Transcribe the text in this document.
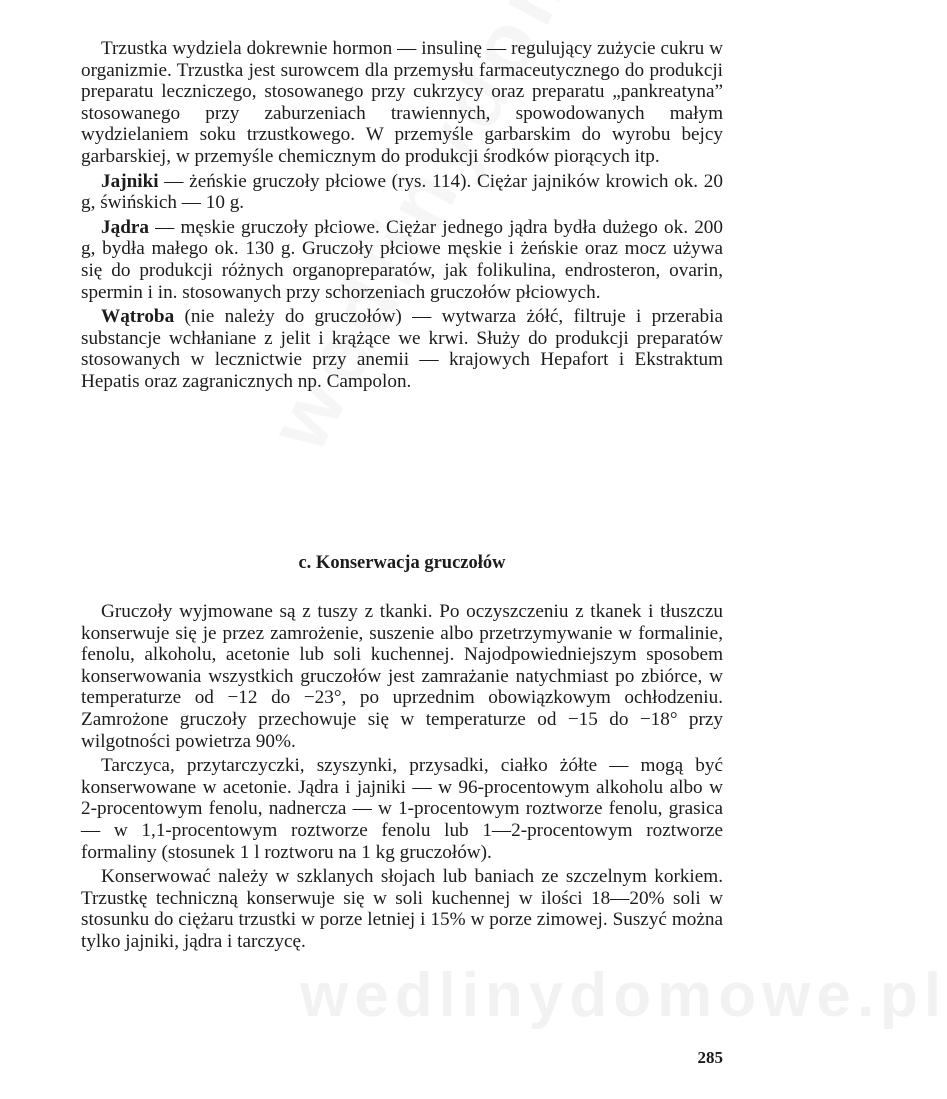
wedlinydomowe.pl

Trzustka wydziela dokrewnie hormon — insulinę — regulujący zużycie cukru w organizmie. Trzustka jest surowcem dla przemysłu farmaceutycznego do produkcji preparatu leczniczego, stosowanego przy cukrzycy oraz preparatu „pankreatyna” stosowanego przy zaburzeniach trawiennych, spowodowanych małym wydzielaniem soku trzustkowego. W przemyśle garbarskim do wyrobu bejcy garbarskiej, w przemyśle chemicznym do produkcji środków piorących itp.

Jajniki — żeńskie gruczoły płciowe (rys. 114). Ciężar jajników krowich ok. 20 g, świńskich — 10 g.

Jądra — męskie gruczoły płciowe. Ciężar jednego jądra bydła dużego ok. 200 g, bydła małego ok. 130 g. Gruczoły płciowe męskie i żeńskie oraz mocz używa się do produkcji różnych organopreparatów, jak folikulina, endrosteron, ovarin, spermin i in. stosowanych przy schorzeniach gruczołów płciowych.

Wątroba (nie należy do gruczołów) — wytwarza żółć, filtruje i przerabia substancje wchłaniane z jelit i krążące we krwi. Służy do produkcji preparatów stosowanych w lecznictwie przy anemii — krajowych Hepafort i Ekstraktum Hepatis oraz zagranicznych np. Campolon.

c. Konserwacja gruczołów

Gruczoły wyjmowane są z tuszy z tkanki. Po oczyszczeniu z tkanek i tłuszczu konserwuje się je przez zamrożenie, suszenie albo przetrzymywanie w formalinie, fenolu, alkoholu, acetonie lub soli kuchennej. Najodpowiedniejszym sposobem konserwowania wszystkich gruczołów jest zamrażanie natychmiast po zbiórce, w temperaturze od −12 do −23°, po uprzednim obowiązkowym ochłodzeniu. Zamrożone gruczoły przechowuje się w temperaturze od −15 do −18° przy wilgotności powietrza 90%.

Tarczyca, przytarczyczki, szyszynki, przysadki, ciałko żółte — mogą być konserwowane w acetonie. Jądra i jajniki — w 96-procentowym alkoholu albo w 2-procentowym fenolu, nadnercza — w 1-procentowym roztworze fenolu, grasica — w 1,1-procentowym roztworze fenolu lub 1—2-procentowym roztworze formaliny (stosunek 1 l roztworu na 1 kg gruczołów).

Konserwować należy w szklanych słojach lub baniach ze szczelnym korkiem. Trzustkę techniczną konserwuje się w soli kuchennej w ilości 18—20% soli w stosunku do ciężaru trzustki w porze letniej i 15% w porze zimowej. Suszyć można tylko jajniki, jądra i tarczycę.

285
